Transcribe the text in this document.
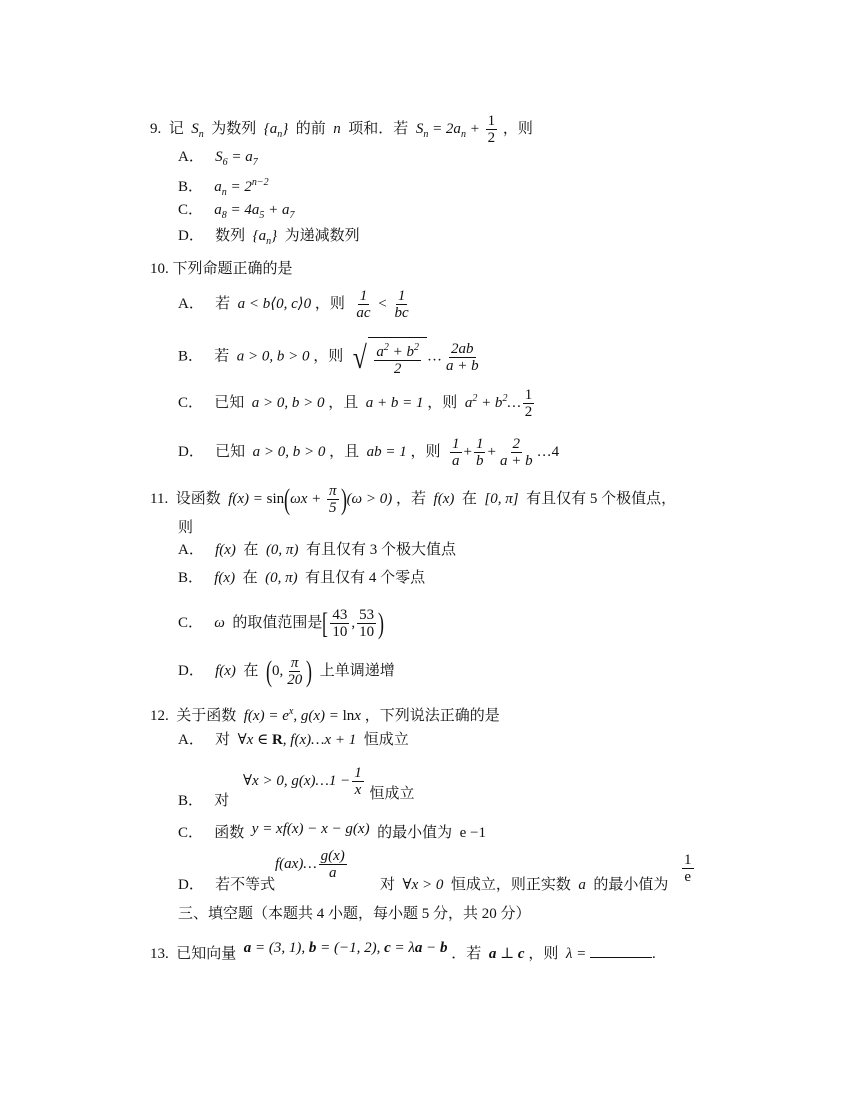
9. 记 $S_n$ 为数列 $\{a_n\}$ 的前 n 项和．若 $S_n = 2a_n + \frac{1}{2}$ ，则
A． $S_6 = a_7$
B． $a_n = 2^{n-2}$
C． $a_8 = 4a_5 + a_7$
D． 数列 $\{a_n\}$ 为递减数列
10. 下列命题正确的是
A． 若 a < b⟨0, c⟩0 ，则 $\frac{1}{ac} < \frac{1}{bc}$
B． 若 a > 0, b > 0 ，则 √ $\frac{a^2 + b^2}{2}$ … $\frac{2ab}{a + b}$
C． 已知 a > 0, b > 0 ，且 a + b = 1 ，则 $a^2$ + $b^2\dots \frac{1}{2}$
D． 已知 a > 0, b > 0 ，且 ab = 1 ，则 $\frac{1}{a} + \frac{1}{b} + \frac{2}{a + b}$ …4
11. 设函数 $f(x) = \sin(\omega x + \frac{\pi}{5} )(\omega > 0)$ ，若 f(x) 在 [0, π] 有且仅有 5 个极值点，
则
A． f(x) 在 (0, π) 有且仅有 3 个极大值点
B． f(x) 在 (0, π) 有且仅有 4 个零点
C． ω 的取值范围是[ $\frac{43}{10}$ , $\frac{53}{10}$ )
D． f(x) 在 (0, $\frac{\pi}{20}$ ) 上单调递增
12. 关于函数 $f(x) = e^x$, g(x) = lnx ，下列说法正确的是
A． 对 ∀x ∈ R, f(x)…x + 1 恒成立
B． 对
∀x > 0, g(x)…1 − $\frac{1}{x}$ 恒成立
C． 函数 y = xf(x) − x − g(x) 的最小值为 e −1
D． 若不等式
f(ax)… $\frac{g(x)}{a}$
对 ∀x > 0 恒成立，则正实数 a 的最小值为 $\frac{1}{e}$
三、填空题（本题共 4 小题，每小题 5 分，共 20 分）
13. 已知向量 a = (3, 1), b = (−1, 2), c = λa − b ．若 a ⊥ c ，则 λ =	.
